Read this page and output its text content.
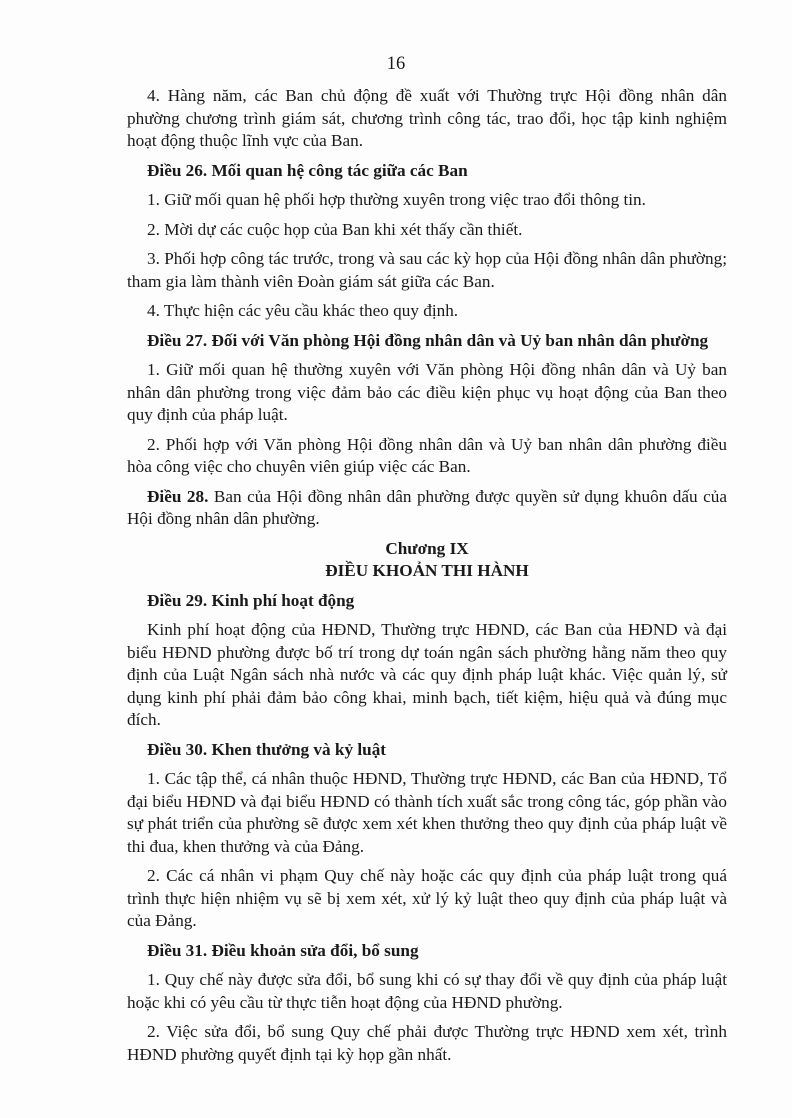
16

4. Hàng năm, các Ban chủ động đề xuất với Thường trực Hội đồng nhân dân phường chương trình giám sát, chương trình công tác, trao đổi, học tập kinh nghiệm hoạt động thuộc lĩnh vực của Ban.

Điều 26. Mối quan hệ công tác giữa các Ban

1. Giữ mối quan hệ phối hợp thường xuyên trong việc trao đổi thông tin.

2. Mời dự các cuộc họp của Ban khi xét thấy cần thiết.

3. Phối hợp công tác trước, trong và sau các kỳ họp của Hội đồng nhân dân phường; tham gia làm thành viên Đoàn giám sát giữa các Ban.

4. Thực hiện các yêu cầu khác theo quy định.

Điều 27. Đối với Văn phòng Hội đồng nhân dân và Uỷ ban nhân dân phường

1. Giữ mối quan hệ thường xuyên với Văn phòng Hội đồng nhân dân và Uỷ ban nhân dân phường trong việc đảm bảo các điều kiện phục vụ hoạt động của Ban theo quy định của pháp luật.

2. Phối hợp với Văn phòng Hội đồng nhân dân và Uỷ ban nhân dân phường điều hòa công việc cho chuyên viên giúp việc các Ban.

Điều 28. Ban của Hội đồng nhân dân phường được quyền sử dụng khuôn dấu của Hội đồng nhân dân phường.

Chương IX

ĐIỀU KHOẢN THI HÀNH

Điều 29. Kinh phí hoạt động

Kinh phí hoạt động của HĐND, Thường trực HĐND, các Ban của HĐND và đại biểu HĐND phường được bố trí trong dự toán ngân sách phường hằng năm theo quy định của Luật Ngân sách nhà nước và các quy định pháp luật khác. Việc quản lý, sử dụng kinh phí phải đảm bảo công khai, minh bạch, tiết kiệm, hiệu quả và đúng mục đích.

Điều 30. Khen thưởng và kỷ luật

1. Các tập thể, cá nhân thuộc HĐND, Thường trực HĐND, các Ban của HĐND, Tổ đại biểu HĐND và đại biểu HĐND có thành tích xuất sắc trong công tác, góp phần vào sự phát triển của phường sẽ được xem xét khen thưởng theo quy định của pháp luật về thi đua, khen thưởng và của Đảng.

2. Các cá nhân vi phạm Quy chế này hoặc các quy định của pháp luật trong quá trình thực hiện nhiệm vụ sẽ bị xem xét, xử lý kỷ luật theo quy định của pháp luật và của Đảng.

Điều 31. Điều khoản sửa đổi, bổ sung

1. Quy chế này được sửa đổi, bổ sung khi có sự thay đổi về quy định của pháp luật hoặc khi có yêu cầu từ thực tiễn hoạt động của HĐND phường.

2. Việc sửa đổi, bổ sung Quy chế phải được Thường trực HĐND xem xét, trình HĐND phường quyết định tại kỳ họp gần nhất.
